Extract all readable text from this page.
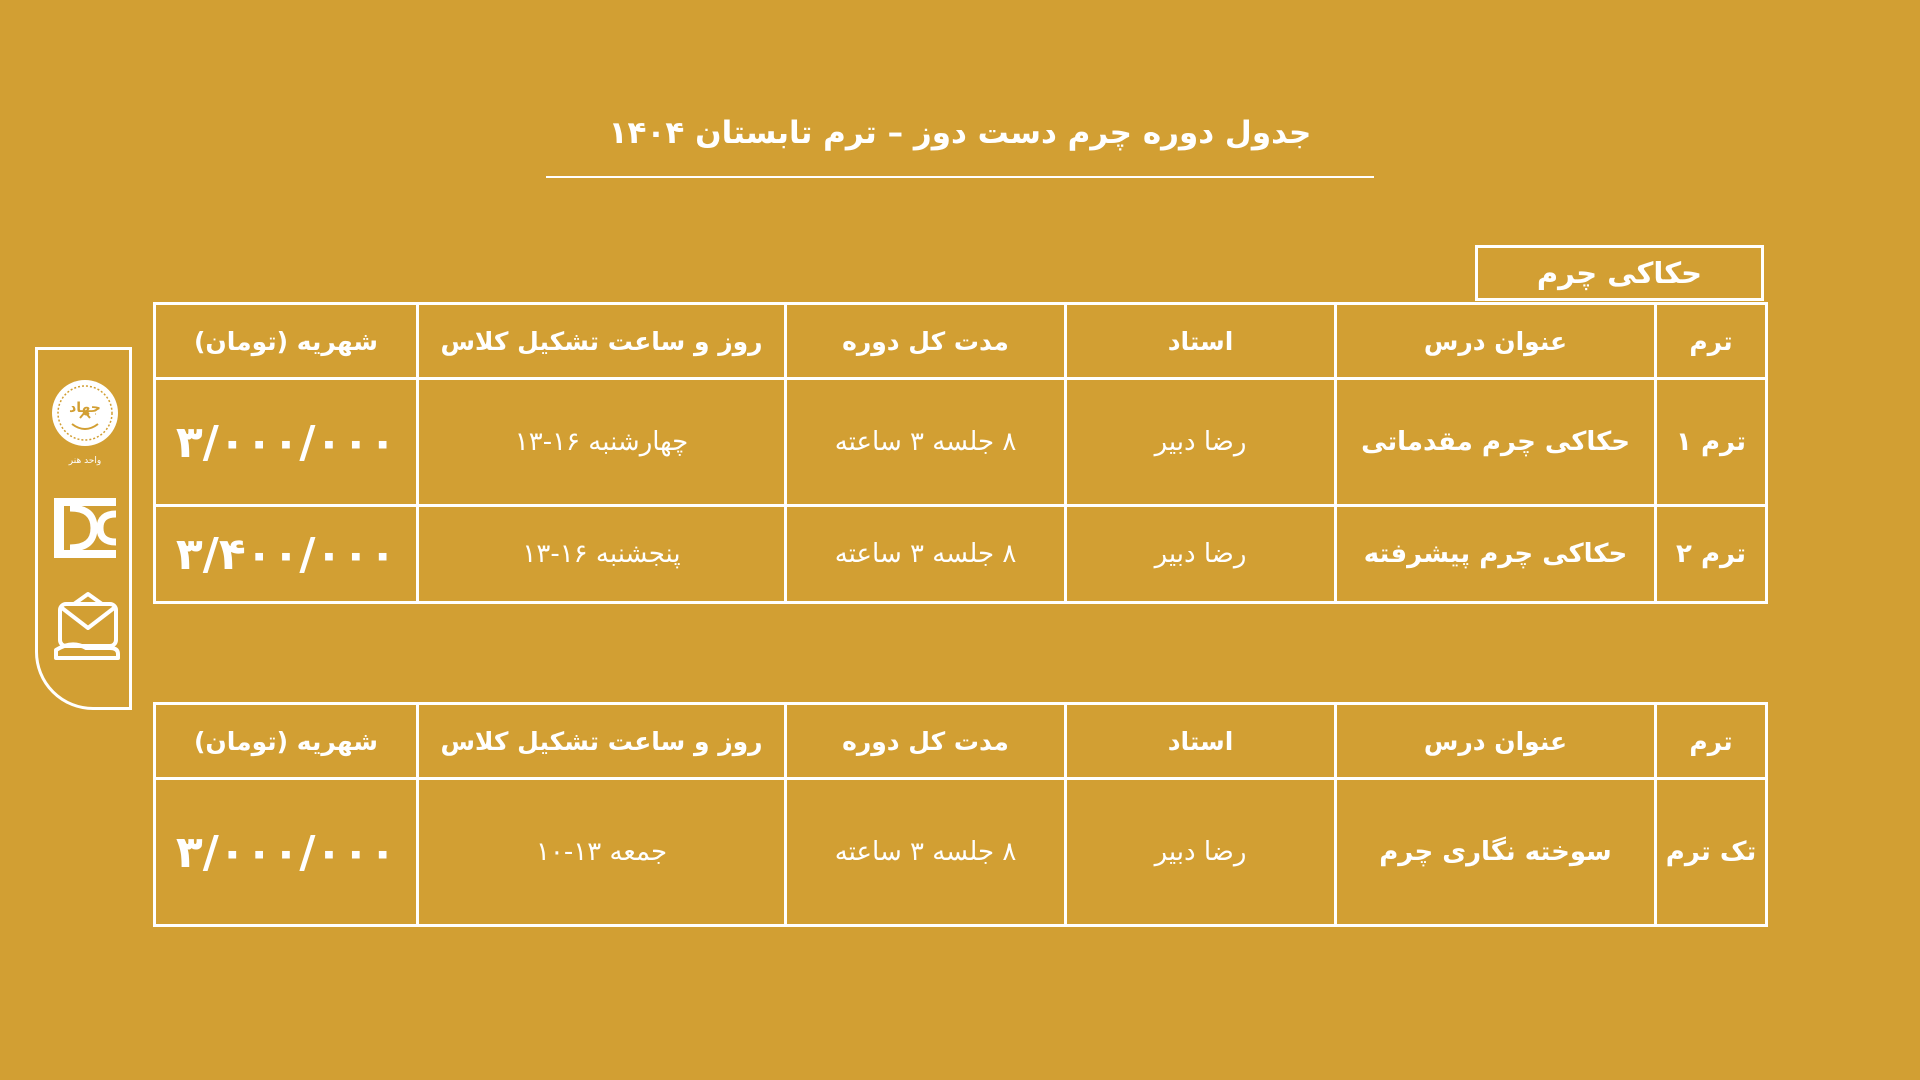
جدول دوره چرم دست دوز – ترم تابستان ۱۴۰۴
حکاکی چرم
ترم	عنوان درس	استاد	مدت کل دوره	روز و ساعت تشکیل کلاس	شهریه (تومان)
ترم ۱	حکاکی چرم مقدماتی	رضا دبیر	۸ جلسه ۳ ساعته	چهارشنبه ۱۶-۱۳	۳/۰۰۰/۰۰۰
ترم ۲	حکاکی چرم پیشرفته	رضا دبیر	۸ جلسه ۳ ساعته	پنجشنبه ۱۶-۱۳	۳/۴۰۰/۰۰۰
ترم	عنوان درس	استاد	مدت کل دوره	روز و ساعت تشکیل کلاس	شهریه (تومان)
تک ترم	سوخته نگاری چرم	رضا دبیر	۸ جلسه ۳ ساعته	جمعه ۱۳-۱۰	۳/۰۰۰/۰۰۰
جهاد
واحد هنر
